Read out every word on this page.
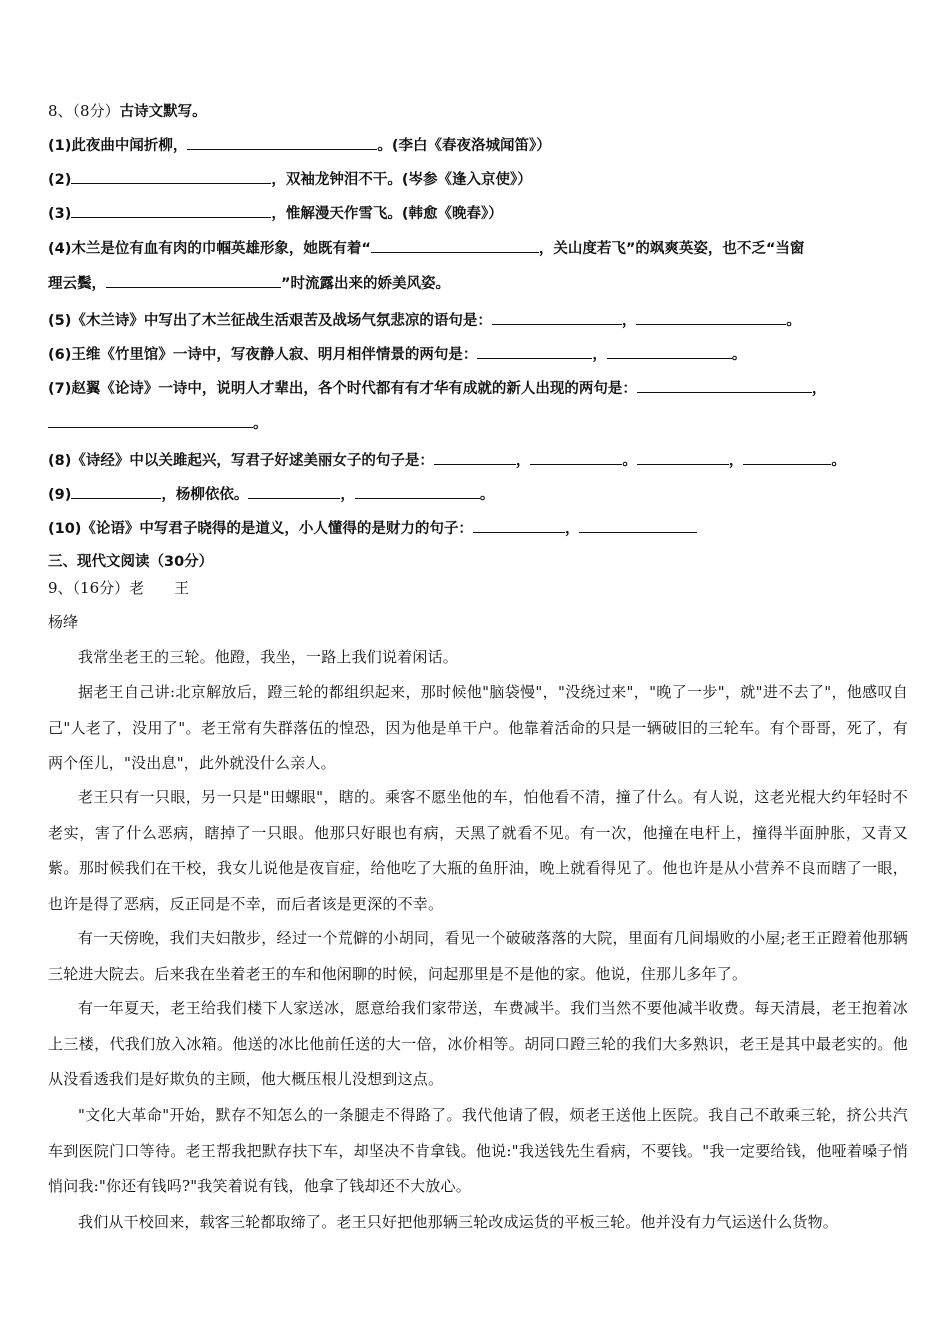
8、（8分）古诗文默写。
(1)此夜曲中闻折柳，	。(李白《春夜洛城闻笛》）
(2)	，双袖龙钟泪不干。(岑参《逢入京使》）
(3)	，惟解漫天作雪飞。(韩愈《晚春》）
(4)木兰是位有血有肉的巾帼英雄形象，她既有着“	，关山度若飞”的飒爽英姿，也不乏“当窗
理云鬓，	”时流露出来的娇美风姿。
(5)《木兰诗》中写出了木兰征战生活艰苦及战场气氛悲凉的语句是：	，	。
(6)王维《竹里馆》一诗中，写夜静人寂、明月相伴情景的两句是：	，	。
(7)赵翼《论诗》一诗中，说明人才辈出，各个时代都有有才华有成就的新人出现的两句是：	，
。
(8)《诗经》中以关雎起兴，写君子好逑美丽女子的句子是：	，	。	，	。
(9)	，杨柳依依。	，	。
(10)《论语》中写君子晓得的是道义，小人懂得的是财力的句子：	，
三、现代文阅读（30分）
9、（16分）老　　王
杨绛
我常坐老王的三轮。他蹬，我坐，一路上我们说着闲话。
据老王自己讲:北京解放后，蹬三轮的都组织起来，那时候他"脑袋慢"，"没绕过来"，"晚了一步"，就"进不去了"，他感叹自己"人老了，没用了"。老王常有失群落伍的惶恐，因为他是单干户。他靠着活命的只是一辆破旧的三轮车。有个哥哥，死了，有两个侄儿，"没出息"，此外就没什么亲人。
老王只有一只眼，另一只是"田螺眼"，瞎的。乘客不愿坐他的车，怕他看不清，撞了什么。有人说，这老光棍大约年轻时不老实，害了什么恶病，瞎掉了一只眼。他那只好眼也有病，天黑了就看不见。有一次，他撞在电杆上，撞得半面肿胀，又青又紫。那时候我们在干校，我女儿说他是夜盲症，给他吃了大瓶的鱼肝油，晚上就看得见了。他也许是从小营养不良而瞎了一眼，也许是得了恶病，反正同是不幸，而后者该是更深的不幸。
有一天傍晚，我们夫妇散步，经过一个荒僻的小胡同，看见一个破破落落的大院，里面有几间塌败的小屋;老王正蹬着他那辆三轮进大院去。后来我在坐着老王的车和他闲聊的时候，问起那里是不是他的家。他说，住那儿多年了。
有一年夏天，老王给我们楼下人家送冰，愿意给我们家带送，车费减半。我们当然不要他减半收费。每天清晨，老王抱着冰上三楼，代我们放入冰箱。他送的冰比他前任送的大一倍，冰价相等。胡同口蹬三轮的我们大多熟识，老王是其中最老实的。他从没看透我们是好欺负的主顾，他大概压根儿没想到这点。
"文化大革命"开始，默存不知怎么的一条腿走不得路了。我代他请了假，烦老王送他上医院。我自己不敢乘三轮，挤公共汽车到医院门口等待。老王帮我把默存扶下车，却坚决不肯拿钱。他说:"我送钱先生看病，不要钱。"我一定要给钱，他哑着嗓子悄悄问我:"你还有钱吗?"我笑着说有钱，他拿了钱却还不大放心。
我们从干校回来，载客三轮都取缔了。老王只好把他那辆三轮改成运货的平板三轮。他并没有力气运送什么货物。
